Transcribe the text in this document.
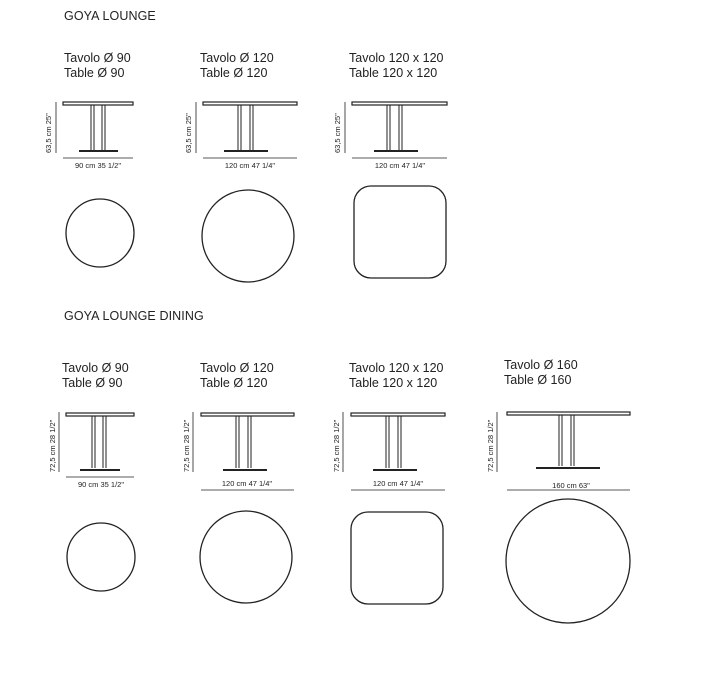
GOYA LOUNGE
GOYA LOUNGE DINING
Tavolo Ø 90
Table Ø 90
Tavolo Ø 120
Table Ø 120
Tavolo 120 x 120
Table 120 x 120
Tavolo Ø 90
Table Ø 90
Tavolo Ø 120
Table Ø 120
Tavolo 120 x 120
Table 120 x 120
Tavolo Ø 160
Table Ø 160
63,5 cm 25"	63,5 cm 25"	63,5 cm 25"
90 cm 35 1/2"	120 cm 47 1/4"	120 cm 47 1/4"
72,5 cm 28 1/2"	72,5 cm 28 1/2"	72,5 cm 28 1/2"	72,5 cm 28 1/2"
90 cm 35 1/2"	120 cm 47 1/4"	120 cm 47 1/4"	160 cm 63"
